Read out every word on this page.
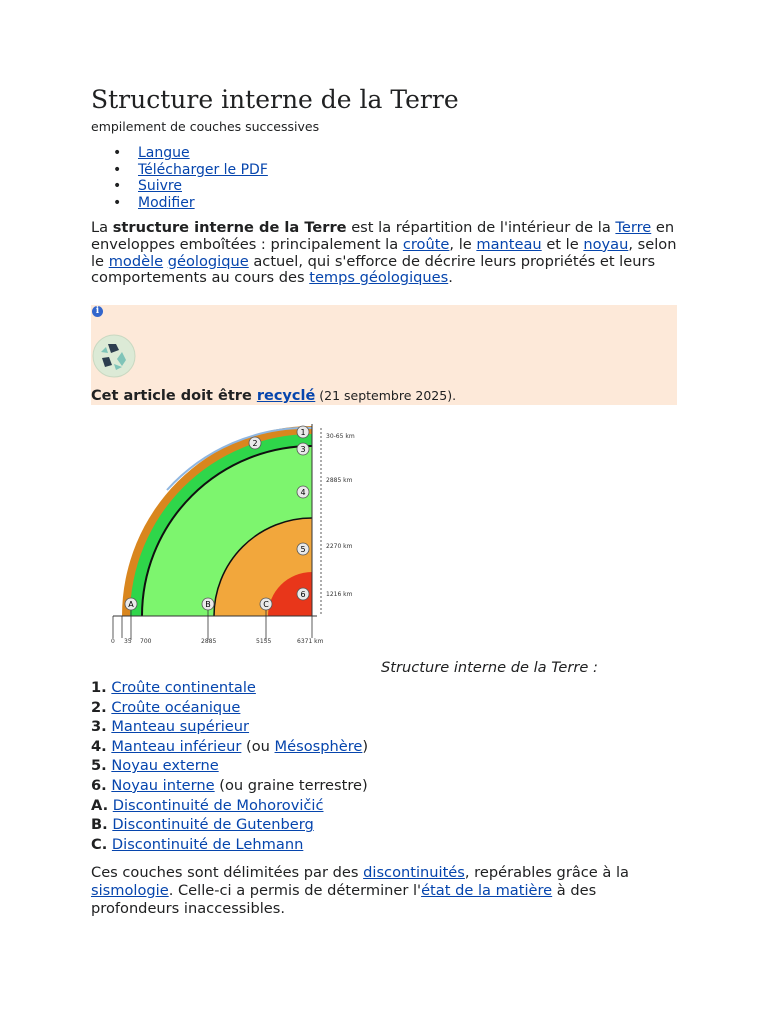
Structure interne de la Terre
empilement de couches successives
• Langue
• Télécharger le PDF
• Suivre
• Modifier

La structure interne de la Terre est la répartition de l'intérieur de la Terre en enveloppes emboîtées : principalement la croûte, le manteau et le noyau, selon le modèle géologique actuel, qui s'efforce de décrire leurs propriétés et leurs comportements au cours des temps géologiques.

i
Cet article doit être recyclé (21 septembre 2025).
30-65 km
2885 km
2270 km
1216 km
1
2
3
4
5
6
A	B	C
0 35 700	2885	5155	6371 km
Structure interne de la Terre :
1. Croûte continentale
2. Croûte océanique
3. Manteau supérieur
4. Manteau inférieur (ou Mésosphère)
5. Noyau externe
6. Noyau interne (ou graine terrestre)
A. Discontinuité de Mohorovičić
B. Discontinuité de Gutenberg
C. Discontinuité de Lehmann

Ces couches sont délimitées par des discontinuités, repérables grâce à la sismologie. Celle-ci a permis de déterminer l'état de la matière à des profondeurs inaccessibles.
